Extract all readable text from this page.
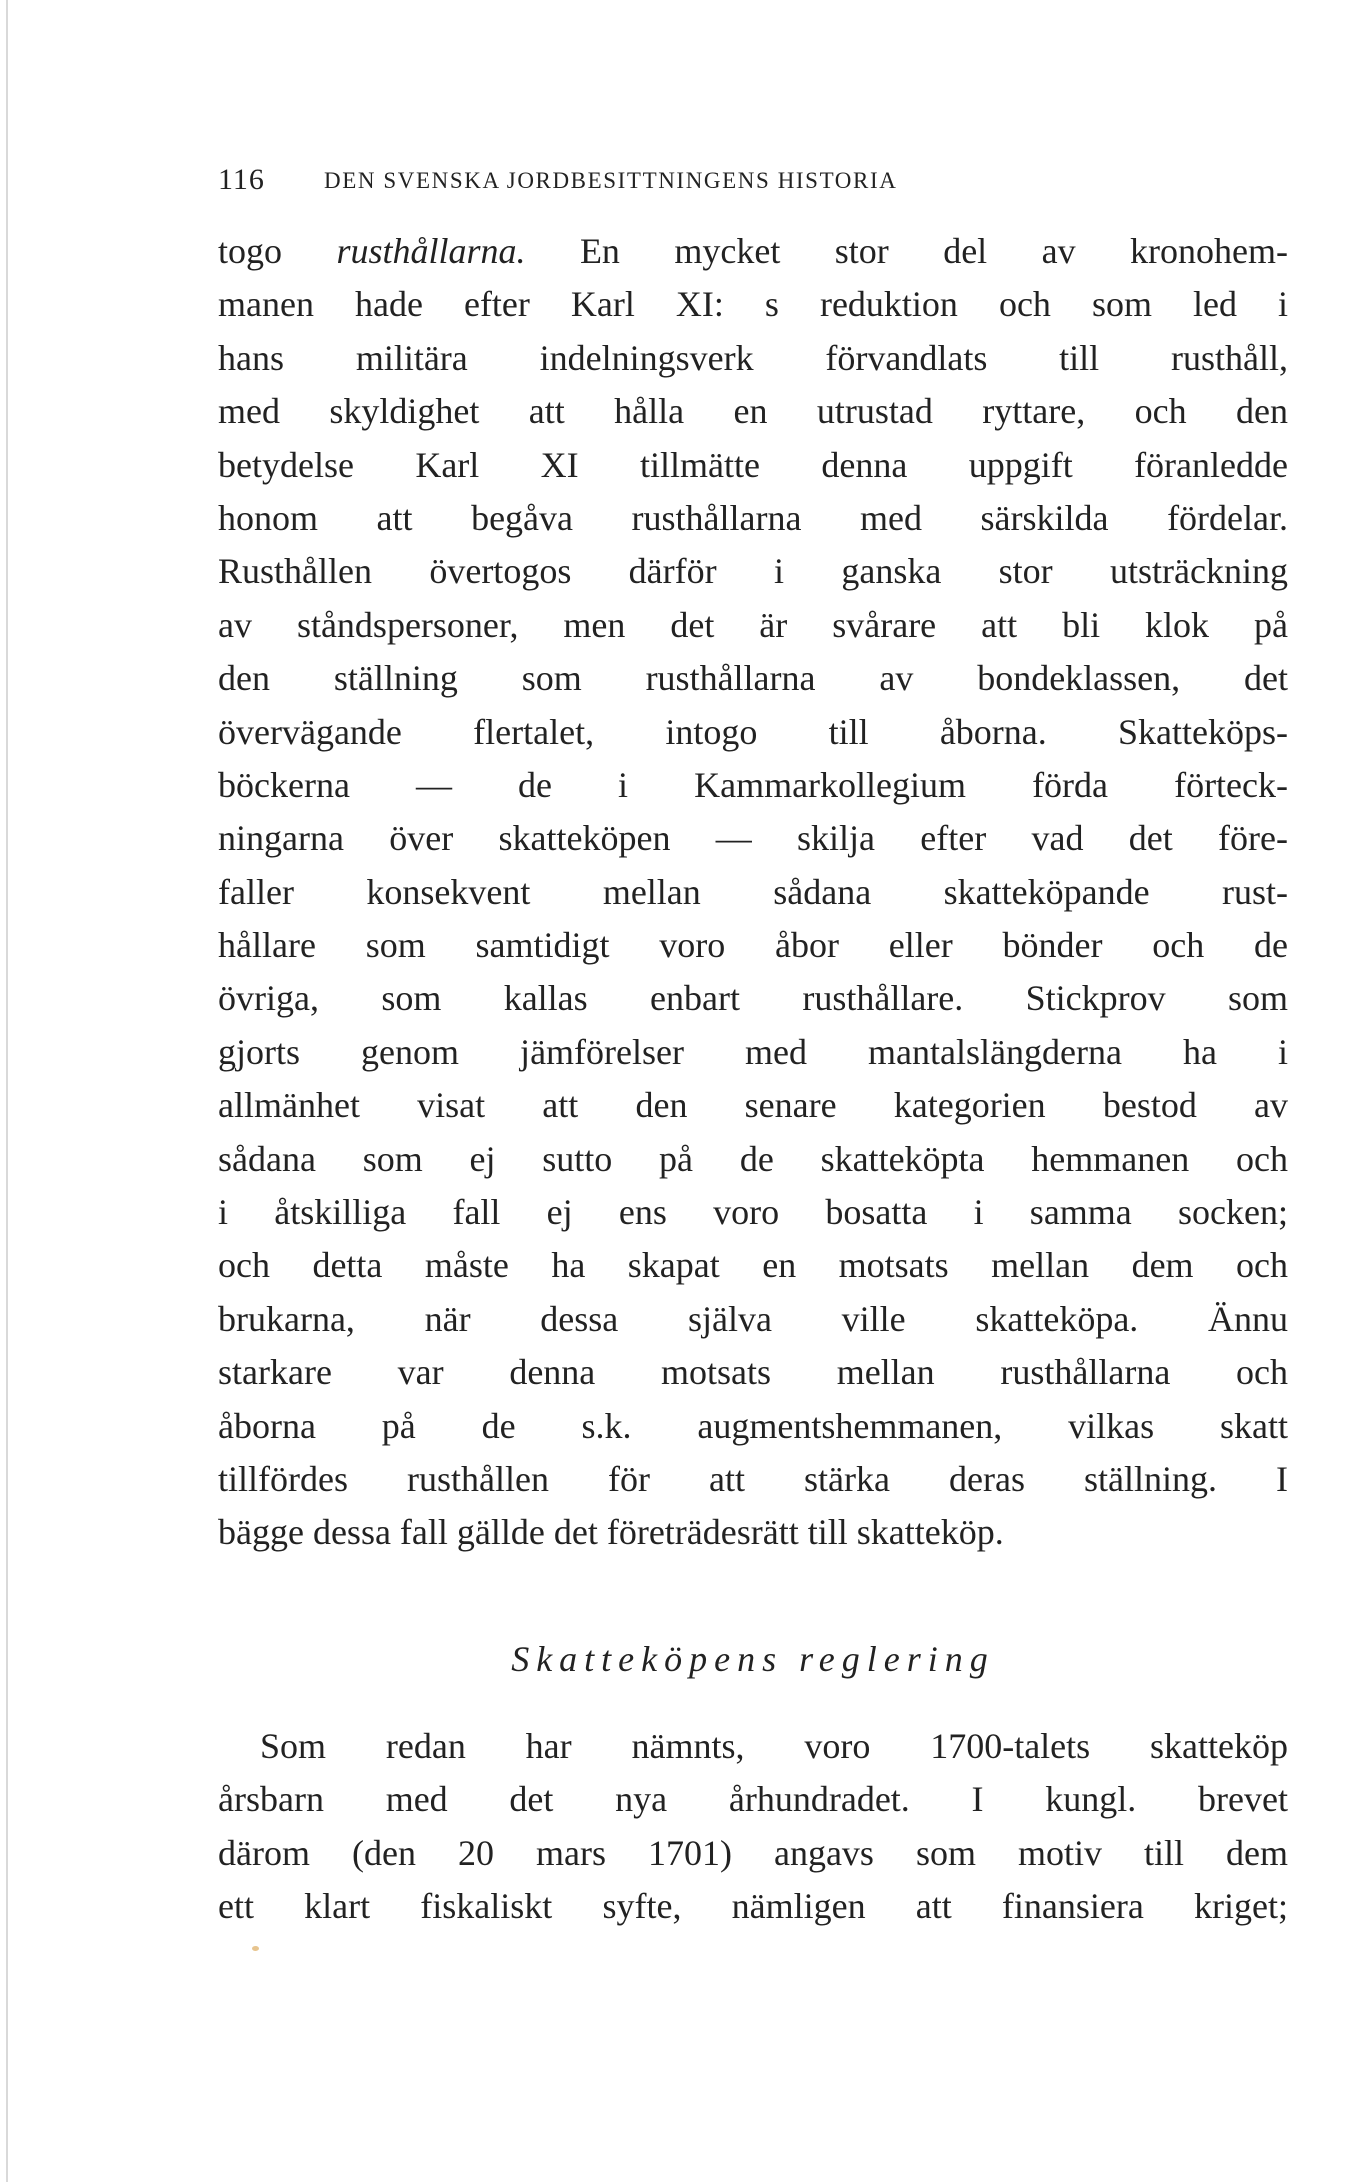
116	DEN SVENSKA JORDBESITTNINGENS HISTORIA
togo rusthållarna. En mycket stor del av kronohem-
manen hade efter Karl XI: s reduktion och som led i
hans militära indelningsverk förvandlats till rusthåll,
med skyldighet att hålla en utrustad ryttare, och den
betydelse Karl XI tillmätte denna uppgift föranledde
honom att begåva rusthållarna med särskilda fördelar.
Rusthållen övertogos därför i ganska stor utsträckning
av ståndspersoner, men det är svårare att bli klok på
den ställning som rusthållarna av bondeklassen, det
övervägande flertalet, intogo till åborna. Skatteköps-
böckerna — de i Kammarkollegium förda förteck-
ningarna över skatteköpen — skilja efter vad det före-
faller konsekvent mellan sådana skatteköpande rust-
hållare som samtidigt voro åbor eller bönder och de
övriga, som kallas enbart rusthållare. Stickprov som
gjorts genom jämförelser med mantalslängderna ha i
allmänhet visat att den senare kategorien bestod av
sådana som ej sutto på de skatteköpta hemmanen och
i åtskilliga fall ej ens voro bosatta i samma socken;
och detta måste ha skapat en motsats mellan dem och
brukarna, när dessa själva ville skatteköpa. Ännu
starkare var denna motsats mellan rusthållarna och
åborna på de s.k. augmentshemmanen, vilkas skatt
tillfördes rusthållen för att stärka deras ställning. I
bägge dessa fall gällde det företrädesrätt till skatteköp.
Skatteköpens reglering
Som redan har nämnts, voro 1700-talets skatteköp
årsbarn med det nya århundradet. I kungl. brevet
därom (den 20 mars 1701) angavs som motiv till dem
ett klart fiskaliskt syfte, nämligen att finansiera kriget;
